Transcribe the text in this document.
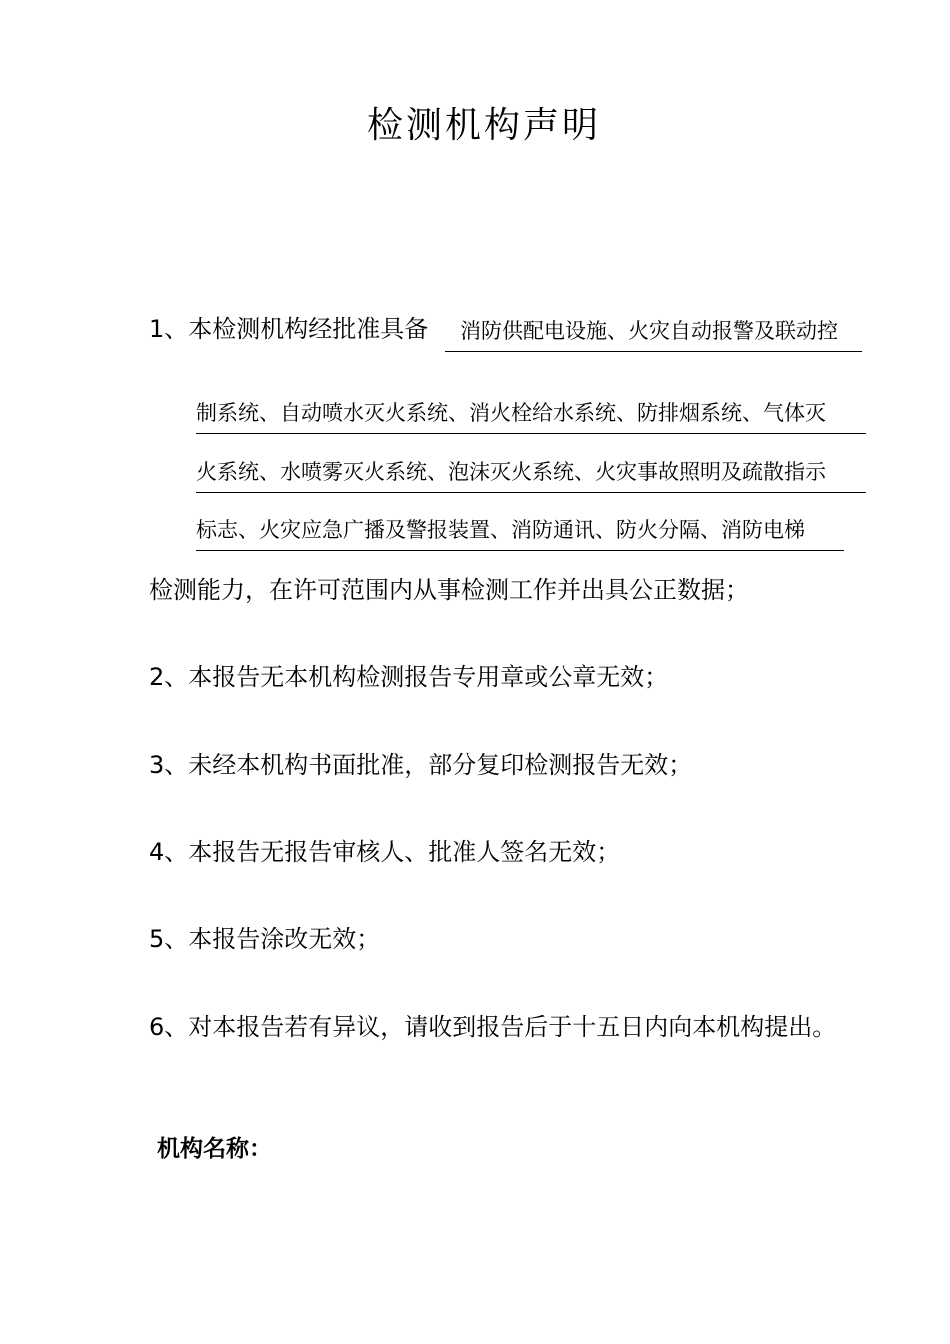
检测机构声明
1、本检测机构经批准具备	消防供配电设施、火灾自动报警及联动控
制系统、自动喷水灭火系统、消火栓给水系统、防排烟系统、气体灭
火系统、水喷雾灭火系统、泡沫灭火系统、火灾事故照明及疏散指示
标志、火灾应急广播及警报装置、消防通讯、防火分隔、消防电梯
检测能力，在许可范围内从事检测工作并出具公正数据；
2、本报告无本机构检测报告专用章或公章无效；
3、未经本机构书面批准，部分复印检测报告无效；
4、本报告无报告审核人、批准人签名无效；
5、本报告涂改无效；
6、对本报告若有异议，请收到报告后于十五日内向本机构提出。
机构名称：
